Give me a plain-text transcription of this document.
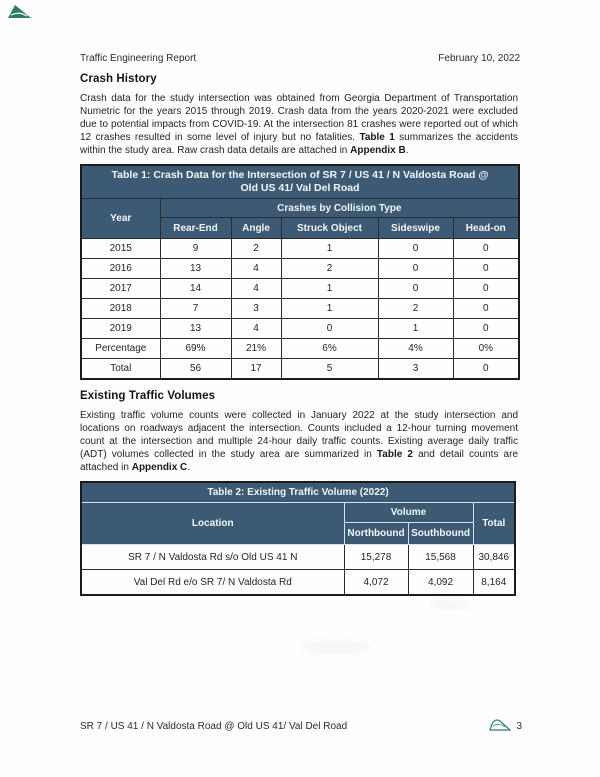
Traffic Engineering Report	February 10, 2022
Crash History

Crash data for the study intersection was obtained from Georgia Department of Transportation Numetric for the years 2015 through 2019. Crash data from the years 2020-2021 were excluded due to potential impacts from COVID-19. At the intersection 81 crashes were reported out of which 12 crashes resulted in some level of injury but no fatalities. Table 1 summarizes the accidents within the study area. Raw crash data details are attached in Appendix B.

Table 1: Crash Data for the Intersection of SR 7 / US 41 / N Valdosta Road @ Old US 41/ Val Del Road					
Year	Crashes by Collision Type				
	Rear-End	Angle	Struck Object	Sideswipe	Head-on
2015	9	2	1	0	0
2016	13	4	2	0	0
2017	14	4	1	0	0
2018	7	3	1	2	0
2019	13	4	0	1	0
Percentage	69%	21%	6%	4%	0%
Total	56	17	5	3	0
Existing Traffic Volumes

Existing traffic volume counts were collected in January 2022 at the study intersection and locations on roadways adjacent the intersection. Counts included a 12-hour turning movement count at the intersection and multiple 24-hour daily traffic counts. Existing average daily traffic (ADT) volumes collected in the study area are summarized in Table 2 and detail counts are attached in Appendix C.

Table 2: Existing Traffic Volume (2022)			
Location	Volume		Total
	Northbound	Southbound	
SR 7 / N Valdosta Rd s/o Old US 41 N	15,278	15,568	30,846
Val Del Rd e/o SR 7/ N Valdosta Rd	4,072	4,092	8,164
SR 7 / US 41 / N Valdosta Road @ Old US 41/ Val Del Road	3
